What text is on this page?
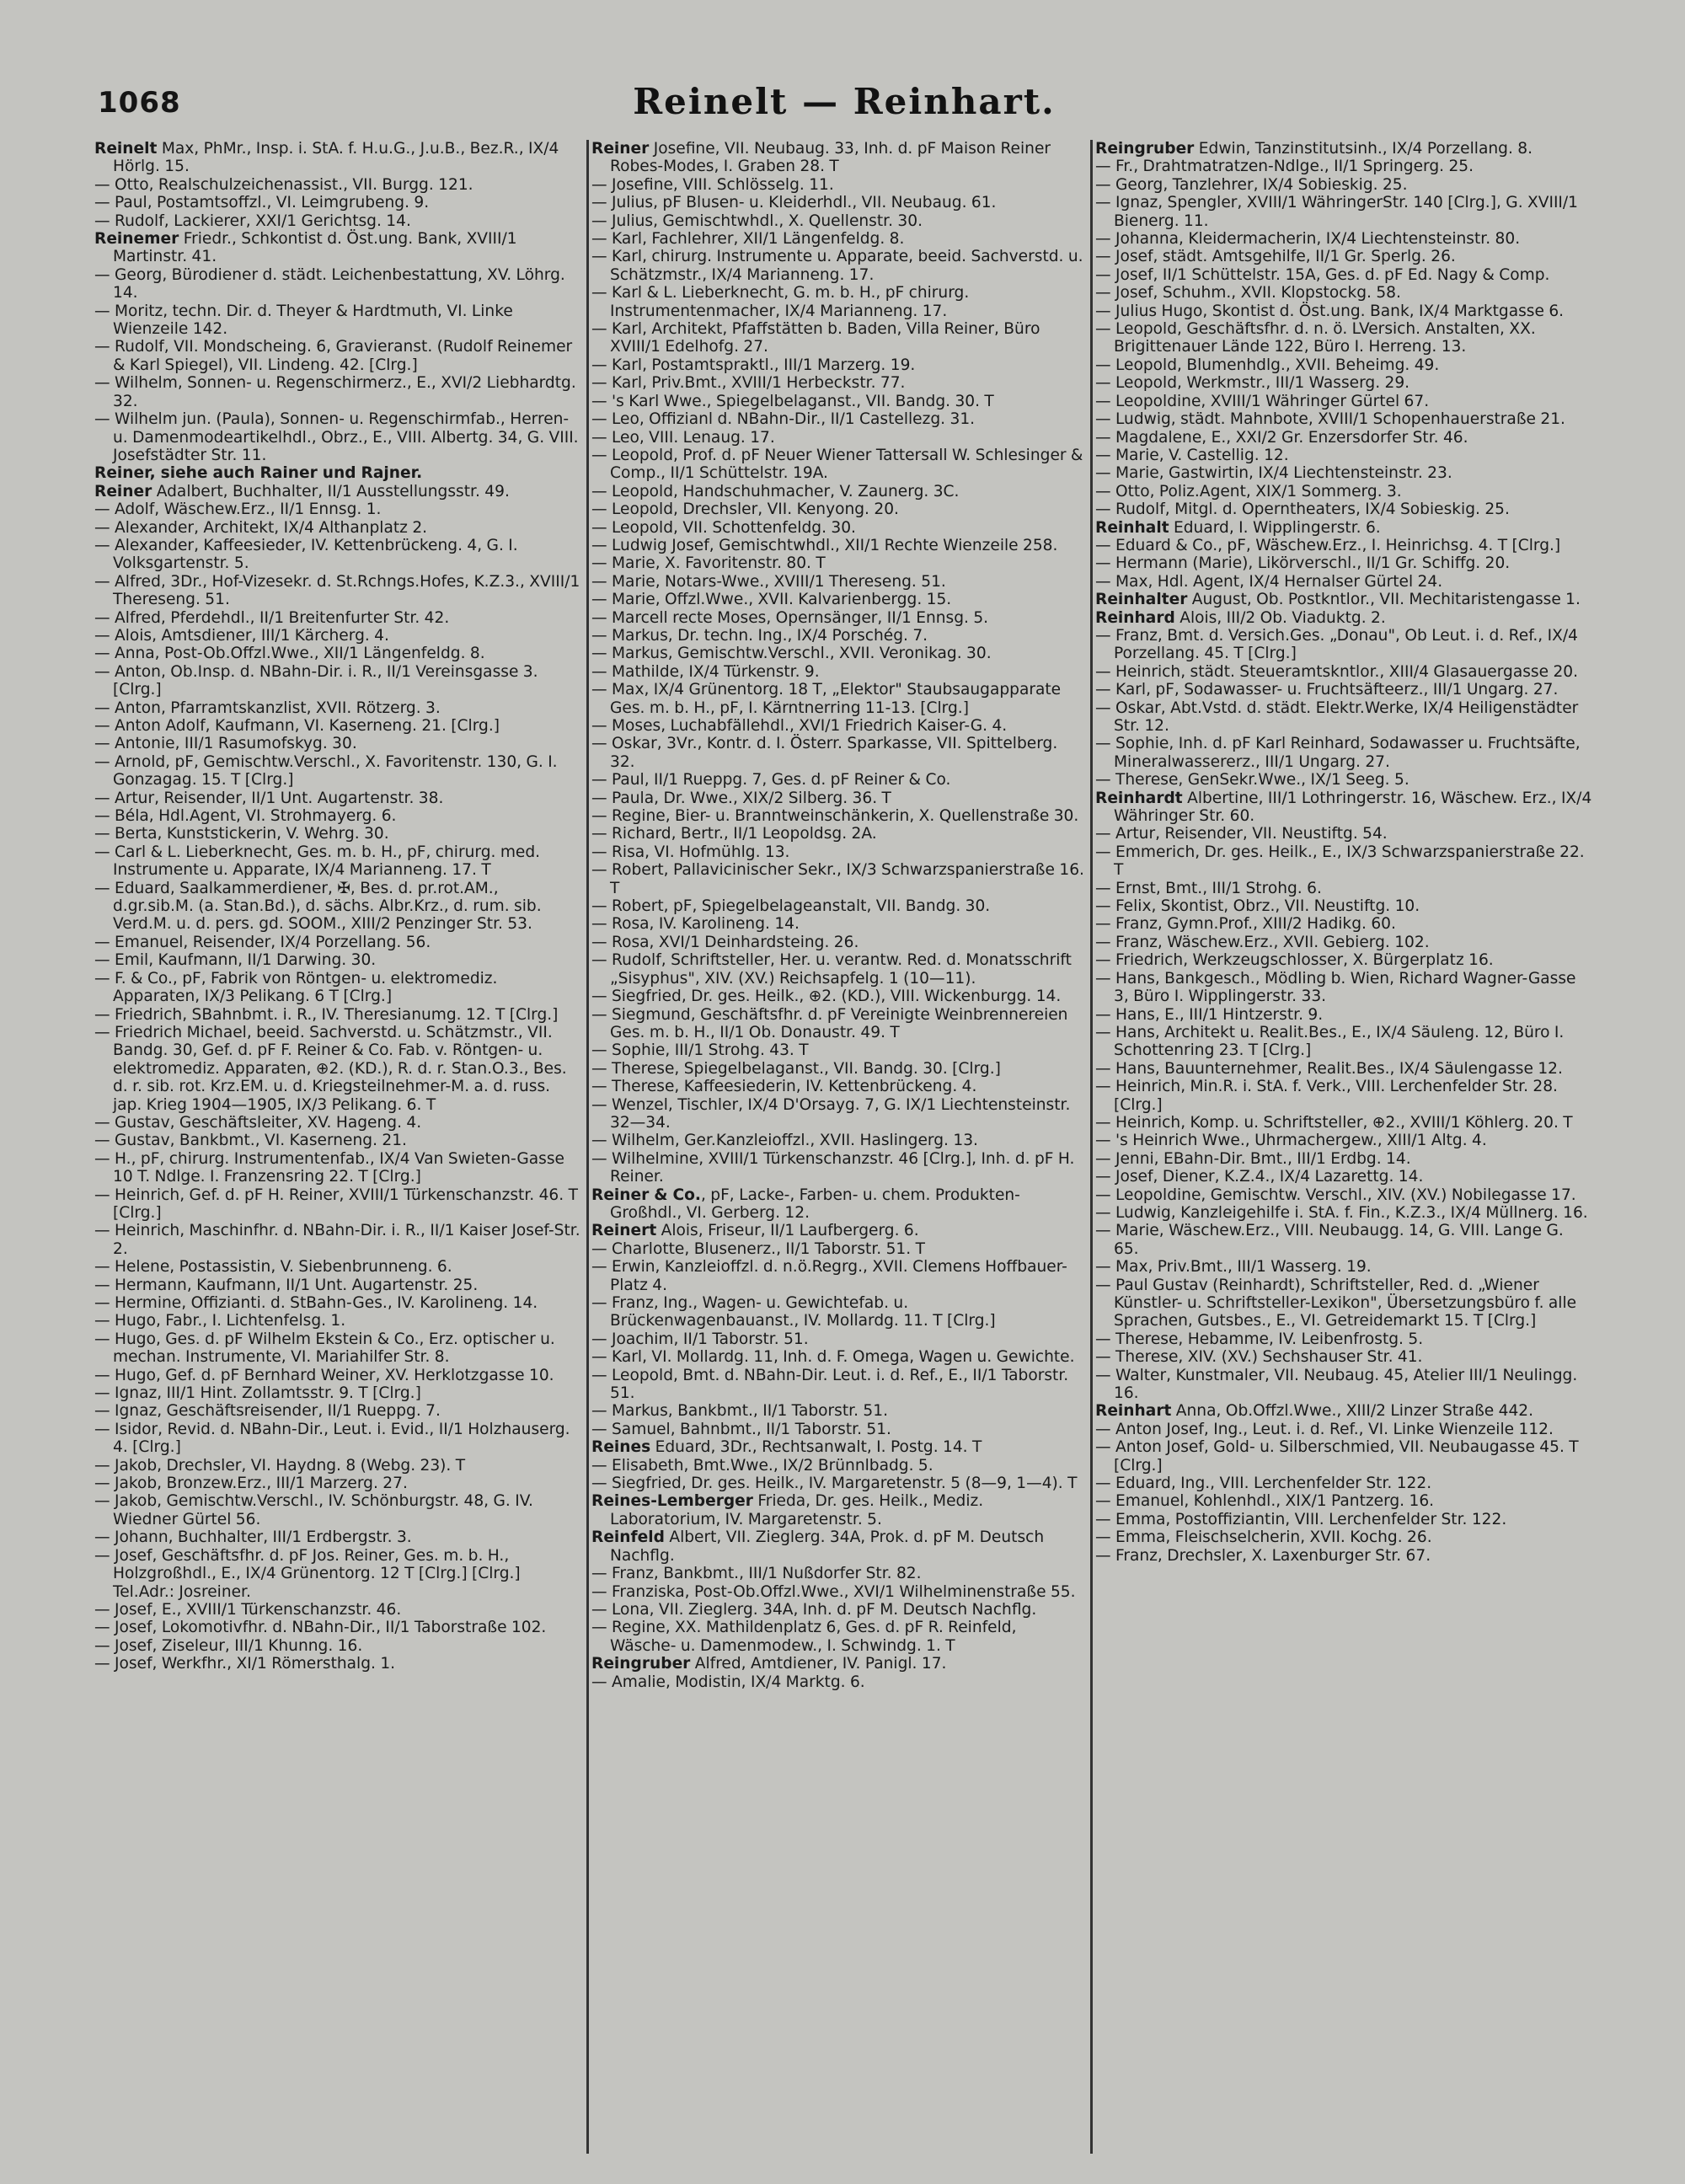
1068	Reinelt — Reinhart.

Reinelt Max, PhMr., Insp. i. StA. f. H.u.G., J.u.B., Bez.R., IX/4 Hörlg. 15.

— Otto, Realschulzeichenassist., VII. Burgg. 121.

— Paul, Postamtsoffzl., VI. Leimgrubeng. 9.

— Rudolf, Lackierer, XXI/1 Gerichtsg. 14.

Reinemer Friedr., Schkontist d. Öst.ung. Bank, XVIII/1 Martinstr. 41.

— Georg, Bürodiener d. städt. Leichenbestattung, XV. Löhrg. 14.

— Moritz, techn. Dir. d. Theyer & Hardtmuth, VI. Linke Wienzeile 142.

— Rudolf, VII. Mondscheing. 6, Gravieranst. (Rudolf Reinemer & Karl Spiegel), VII. Lindeng. 42. [Clrg.]

— Wilhelm, Sonnen- u. Regenschirmerz., E., XVI/2 Liebhardtg. 32.

— Wilhelm jun. (Paula), Sonnen- u. Regenschirmfab., Herren- u. Damenmodeartikelhdl., Obrz., E., VIII. Albertg. 34, G. VIII. Josefstädter Str. 11.

Reiner, siehe auch Rainer und Rajner.

Reiner Adalbert, Buchhalter, II/1 Ausstellungsstr. 49.

— Adolf, Wäschew.Erz., II/1 Ennsg. 1.

— Alexander, Architekt, IX/4 Althanplatz 2.

— Alexander, Kaffeesieder, IV. Kettenbrückeng. 4, G. I. Volksgartenstr. 5.

— Alfred, 3Dr., Hof-Vizesekr. d. St.Rchngs.Hofes, K.Z.3., XVIII/1 Thereseng. 51.

— Alfred, Pferdehdl., II/1 Breitenfurter Str. 42.

— Alois, Amtsdiener, III/1 Kärcherg. 4.

— Anna, Post-Ob.Offzl.Wwe., XII/1 Längenfeldg. 8.

— Anton, Ob.Insp. d. NBahn-Dir. i. R., II/1 Vereinsgasse 3. [Clrg.]

— Anton, Pfarramtskanzlist, XVII. Rötzerg. 3.

— Anton Adolf, Kaufmann, VI. Kaserneng. 21. [Clrg.]

— Antonie, III/1 Rasumofskyg. 30.

— Arnold, pF, Gemischtw.Verschl., X. Favoritenstr. 130, G. I. Gonzagag. 15. T [Clrg.]

— Artur, Reisender, II/1 Unt. Augartenstr. 38.

— Béla, Hdl.Agent, VI. Strohmayerg. 6.

— Berta, Kunststickerin, V. Wehrg. 30.

— Carl & L. Lieberknecht, Ges. m. b. H., pF, chirurg. med. Instrumente u. Apparate, IX/4 Marianneng. 17. T

— Eduard, Saalkammerdiener, ✠, Bes. d. pr.rot.AM., d.gr.sib.M. (a. Stan.Bd.), d. sächs. Albr.Krz., d. rum. sib. Verd.M. u. d. pers. gd. SOOM., XIII/2 Penzinger Str. 53.

— Emanuel, Reisender, IX/4 Porzellang. 56.

— Emil, Kaufmann, II/1 Darwing. 30.

— F. & Co., pF, Fabrik von Röntgen- u. elektromediz. Apparaten, IX/3 Pelikang. 6 T [Clrg.]

— Friedrich, SBahnbmt. i. R., IV. Theresianumg. 12. T [Clrg.]

— Friedrich Michael, beeid. Sachverstd. u. Schätzmstr., VII. Bandg. 30, Gef. d. pF F. Reiner & Co. Fab. v. Röntgen- u. elektromediz. Apparaten, ⊕2. (KD.), R. d. r. Stan.O.3., Bes. d. r. sib. rot. Krz.EM. u. d. Kriegsteilnehmer-M. a. d. russ. jap. Krieg 1904—1905, IX/3 Pelikang. 6. T

— Gustav, Geschäftsleiter, XV. Hageng. 4.

— Gustav, Bankbmt., VI. Kaserneng. 21.

— H., pF, chirurg. Instrumentenfab., IX/4 Van Swieten-Gasse 10 T. Ndlge. I. Franzensring 22. T [Clrg.]

— Heinrich, Gef. d. pF H. Reiner, XVIII/1 Türkenschanzstr. 46. T [Clrg.]

— Heinrich, Maschinfhr. d. NBahn-Dir. i. R., II/1 Kaiser Josef-Str. 2.

— Helene, Postassistin, V. Siebenbrunneng. 6.

— Hermann, Kaufmann, II/1 Unt. Augartenstr. 25.

— Hermine, Offizianti. d. StBahn-Ges., IV. Karolineng. 14.

— Hugo, Fabr., I. Lichtenfelsg. 1.

— Hugo, Ges. d. pF Wilhelm Ekstein & Co., Erz. optischer u. mechan. Instrumente, VI. Mariahilfer Str. 8.

— Hugo, Gef. d. pF Bernhard Weiner, XV. Herklotzgasse 10.

— Ignaz, III/1 Hint. Zollamtsstr. 9. T [Clrg.]

— Ignaz, Geschäftsreisender, II/1 Rueppg. 7.

— Isidor, Revid. d. NBahn-Dir., Leut. i. Evid., II/1 Holzhauserg. 4. [Clrg.]

— Jakob, Drechsler, VI. Haydng. 8 (Webg. 23). T

— Jakob, Bronzew.Erz., III/1 Marzerg. 27.

— Jakob, Gemischtw.Verschl., IV. Schönburgstr. 48, G. IV. Wiedner Gürtel 56.

— Johann, Buchhalter, III/1 Erdbergstr. 3.

— Josef, Geschäftsfhr. d. pF Jos. Reiner, Ges. m. b. H., Holzgroßhdl., E., IX/4 Grünentorg. 12 T [Clrg.] [Clrg.] Tel.Adr.: Josreiner.

— Josef, E., XVIII/1 Türkenschanzstr. 46.

— Josef, Lokomotivfhr. d. NBahn-Dir., II/1 Taborstraße 102.

— Josef, Ziseleur, III/1 Khunng. 16.

— Josef, Werkfhr., XI/1 Römersthalg. 1.

Reiner Josefine, VII. Neubaug. 33, Inh. d. pF Maison Reiner Robes-Modes, I. Graben 28. T

— Josefine, VIII. Schlösselg. 11.

— Julius, pF Blusen- u. Kleiderhdl., VII. Neubaug. 61.

— Julius, Gemischtwhdl., X. Quellenstr. 30.

— Karl, Fachlehrer, XII/1 Längenfeldg. 8.

— Karl, chirurg. Instrumente u. Apparate, beeid. Sachverstd. u. Schätzmstr., IX/4 Marianneng. 17.

— Karl & L. Lieberknecht, G. m. b. H., pF chirurg. Instrumentenmacher, IX/4 Marianneng. 17.

— Karl, Architekt, Pfaffstätten b. Baden, Villa Reiner, Büro XVIII/1 Edelhofg. 27.

— Karl, Postamtspraktl., III/1 Marzerg. 19.

— Karl, Priv.Bmt., XVIII/1 Herbeckstr. 77.

— 's Karl Wwe., Spiegelbelaganst., VII. Bandg. 30. T

— Leo, Offizianl d. NBahn-Dir., II/1 Castellezg. 31.

— Leo, VIII. Lenaug. 17.

— Leopold, Prof. d. pF Neuer Wiener Tattersall W. Schlesinger & Comp., II/1 Schüttelstr. 19A.

— Leopold, Handschuhmacher, V. Zaunerg. 3C.

— Leopold, Drechsler, VII. Kenyong. 20.

— Leopold, VII. Schottenfeldg. 30.

— Ludwig Josef, Gemischtwhdl., XII/1 Rechte Wienzeile 258.

— Marie, X. Favoritenstr. 80. T

— Marie, Notars-Wwe., XVIII/1 Thereseng. 51.

— Marie, Offzl.Wwe., XVII. Kalvarienbergg. 15.

— Marcell recte Moses, Opernsänger, II/1 Ennsg. 5.

— Markus, Dr. techn. Ing., IX/4 Porschég. 7.

— Markus, Gemischtw.Verschl., XVII. Veronikag. 30.

— Mathilde, IX/4 Türkenstr. 9.

— Max, IX/4 Grünentorg. 18 T, „Elektor" Staubsaugapparate Ges. m. b. H., pF, I. Kärntnerring 11-13. [Clrg.]

— Moses, Luchabfällehdl., XVI/1 Friedrich Kaiser-G. 4.

— Oskar, 3Vr., Kontr. d. I. Österr. Sparkasse, VII. Spittelberg. 32.

— Paul, II/1 Rueppg. 7, Ges. d. pF Reiner & Co.

— Paula, Dr. Wwe., XIX/2 Silberg. 36. T

— Regine, Bier- u. Branntweinschänkerin, X. Quellenstraße 30.

— Richard, Bertr., II/1 Leopoldsg. 2A.

— Risa, VI. Hofmühlg. 13.

— Robert, Pallavicinischer Sekr., IX/3 Schwarzspanierstraße 16. T

— Robert, pF, Spiegelbelageanstalt, VII. Bandg. 30.

— Rosa, IV. Karolineng. 14.

— Rosa, XVI/1 Deinhardsteing. 26.

— Rudolf, Schriftsteller, Her. u. verantw. Red. d. Monatsschrift „Sisyphus", XIV. (XV.) Reichsapfelg. 1 (10—11).

— Siegfried, Dr. ges. Heilk., ⊕2. (KD.), VIII. Wickenburgg. 14.

— Siegmund, Geschäftsfhr. d. pF Vereinigte Weinbrennereien Ges. m. b. H., II/1 Ob. Donaustr. 49. T

— Sophie, III/1 Strohg. 43. T

— Therese, Spiegelbelaganst., VII. Bandg. 30. [Clrg.]

— Therese, Kaffeesiederin, IV. Kettenbrückeng. 4.

— Wenzel, Tischler, IX/4 D'Orsayg. 7, G. IX/1 Liechtensteinstr. 32—34.

— Wilhelm, Ger.Kanzleioffzl., XVII. Haslingerg. 13.

— Wilhelmine, XVIII/1 Türkenschanzstr. 46 [Clrg.], Inh. d. pF H. Reiner.

Reiner & Co., pF, Lacke-, Farben- u. chem. Produkten-Großhdl., VI. Gerberg. 12.

Reinert Alois, Friseur, II/1 Laufbergerg. 6.

— Charlotte, Blusenerz., II/1 Taborstr. 51. T

— Erwin, Kanzleioffzl. d. n.ö.Regrg., XVII. Clemens Hoffbauer-Platz 4.

— Franz, Ing., Wagen- u. Gewichtefab. u. Brückenwagenbauanst., IV. Mollardg. 11. T [Clrg.]

— Joachim, II/1 Taborstr. 51.

— Karl, VI. Mollardg. 11, Inh. d. F. Omega, Wagen u. Gewichte.

— Leopold, Bmt. d. NBahn-Dir. Leut. i. d. Ref., E., II/1 Taborstr. 51.

— Markus, Bankbmt., II/1 Taborstr. 51.

— Samuel, Bahnbmt., II/1 Taborstr. 51.

Reines Eduard, 3Dr., Rechtsanwalt, I. Postg. 14. T

— Elisabeth, Bmt.Wwe., IX/2 Brünnlbadg. 5.

— Siegfried, Dr. ges. Heilk., IV. Margaretenstr. 5 (8—9, 1—4). T

Reines-Lemberger Frieda, Dr. ges. Heilk., Mediz. Laboratorium, IV. Margaretenstr. 5.

Reinfeld Albert, VII. Zieglerg. 34A, Prok. d. pF M. Deutsch Nachflg.

— Franz, Bankbmt., III/1 Nußdorfer Str. 82.

— Franziska, Post-Ob.Offzl.Wwe., XVI/1 Wilhelminenstraße 55.

— Lona, VII. Zieglerg. 34A, Inh. d. pF M. Deutsch Nachflg.

— Regine, XX. Mathildenplatz 6, Ges. d. pF R. Reinfeld, Wäsche- u. Damenmodew., I. Schwindg. 1. T

Reingruber Alfred, Amtdiener, IV. Panigl. 17.

— Amalie, Modistin, IX/4 Marktg. 6.

Reingruber Edwin, Tanzinstitutsinh., IX/4 Porzellang. 8.

— Fr., Drahtmatratzen-Ndlge., II/1 Springerg. 25.

— Georg, Tanzlehrer, IX/4 Sobieskig. 25.

— Ignaz, Spengler, XVIII/1 WähringerStr. 140 [Clrg.], G. XVIII/1 Bienerg. 11.

— Johanna, Kleidermacherin, IX/4 Liechtensteinstr. 80.

— Josef, städt. Amtsgehilfe, II/1 Gr. Sperlg. 26.

— Josef, II/1 Schüttelstr. 15A, Ges. d. pF Ed. Nagy & Comp.

— Josef, Schuhm., XVII. Klopstockg. 58.

— Julius Hugo, Skontist d. Öst.ung. Bank, IX/4 Marktgasse 6.

— Leopold, Geschäftsfhr. d. n. ö. LVersich. Anstalten, XX. Brigittenauer Lände 122, Büro I. Herreng. 13.

— Leopold, Blumenhdlg., XVII. Beheimg. 49.

— Leopold, Werkmstr., III/1 Wasserg. 29.

— Leopoldine, XVIII/1 Währinger Gürtel 67.

— Ludwig, städt. Mahnbote, XVIII/1 Schopenhauerstraße 21.

— Magdalene, E., XXI/2 Gr. Enzersdorfer Str. 46.

— Marie, V. Castellig. 12.

— Marie, Gastwirtin, IX/4 Liechtensteinstr. 23.

— Otto, Poliz.Agent, XIX/1 Sommerg. 3.

— Rudolf, Mitgl. d. Operntheaters, IX/4 Sobieskig. 25.

Reinhalt Eduard, I. Wipplingerstr. 6.

— Eduard & Co., pF, Wäschew.Erz., I. Heinrichsg. 4. T [Clrg.]

— Hermann (Marie), Likörverschl., II/1 Gr. Schiffg. 20.

— Max, Hdl. Agent, IX/4 Hernalser Gürtel 24.

Reinhalter August, Ob. Postkntlor., VII. Mechitaristengasse 1.

Reinhard Alois, III/2 Ob. Viaduktg. 2.

— Franz, Bmt. d. Versich.Ges. „Donau", Ob Leut. i. d. Ref., IX/4 Porzellang. 45. T [Clrg.]

— Heinrich, städt. Steueramtskntlor., XIII/4 Glasauergasse 20.

— Karl, pF, Sodawasser- u. Fruchtsäfteerz., III/1 Ungarg. 27.

— Oskar, Abt.Vstd. d. städt. Elektr.Werke, IX/4 Heiligenstädter Str. 12.

— Sophie, Inh. d. pF Karl Reinhard, Sodawasser u. Fruchtsäfte, Mineralwassererz., III/1 Ungarg. 27.

— Therese, GenSekr.Wwe., IX/1 Seeg. 5.

Reinhardt Albertine, III/1 Lothringerstr. 16, Wäschew. Erz., IX/4 Währinger Str. 60.

— Artur, Reisender, VII. Neustiftg. 54.

— Emmerich, Dr. ges. Heilk., E., IX/3 Schwarzspanierstraße 22. T

— Ernst, Bmt., III/1 Strohg. 6.

— Felix, Skontist, Obrz., VII. Neustiftg. 10.

— Franz, Gymn.Prof., XIII/2 Hadikg. 60.

— Franz, Wäschew.Erz., XVII. Gebierg. 102.

— Friedrich, Werkzeugschlosser, X. Bürgerplatz 16.

— Hans, Bankgesch., Mödling b. Wien, Richard Wagner-Gasse 3, Büro I. Wipplingerstr. 33.

— Hans, E., III/1 Hintzerstr. 9.

— Hans, Architekt u. Realit.Bes., E., IX/4 Säuleng. 12, Büro I. Schottenring 23. T [Clrg.]

— Hans, Bauunternehmer, Realit.Bes., IX/4 Säulengasse 12.

— Heinrich, Min.R. i. StA. f. Verk., VIII. Lerchenfelder Str. 28. [Clrg.]

— Heinrich, Komp. u. Schriftsteller, ⊕2., XVIII/1 Köhlerg. 20. T

— 's Heinrich Wwe., Uhrmachergew., XIII/1 Altg. 4.

— Jenni, EBahn-Dir. Bmt., III/1 Erdbg. 14.

— Josef, Diener, K.Z.4., IX/4 Lazarettg. 14.

— Leopoldine, Gemischtw. Verschl., XIV. (XV.) Nobilegasse 17.

— Ludwig, Kanzleigehilfe i. StA. f. Fin., K.Z.3., IX/4 Müllnerg. 16.

— Marie, Wäschew.Erz., VIII. Neubaugg. 14, G. VIII. Lange G. 65.

— Max, Priv.Bmt., III/1 Wasserg. 19.

— Paul Gustav (Reinhardt), Schriftsteller, Red. d. „Wiener Künstler- u. Schriftsteller-Lexikon", Übersetzungsbüro f. alle Sprachen, Gutsbes., E., VI. Getreidemarkt 15. T [Clrg.]

— Therese, Hebamme, IV. Leibenfrostg. 5.

— Therese, XIV. (XV.) Sechshauser Str. 41.

— Walter, Kunstmaler, VII. Neubaug. 45, Atelier III/1 Neulingg. 16.

Reinhart Anna, Ob.Offzl.Wwe., XIII/2 Linzer Straße 442.

— Anton Josef, Ing., Leut. i. d. Ref., VI. Linke Wienzeile 112.

— Anton Josef, Gold- u. Silberschmied, VII. Neubaugasse 45. T [Clrg.]

— Eduard, Ing., VIII. Lerchenfelder Str. 122.

— Emanuel, Kohlenhdl., XIX/1 Pantzerg. 16.

— Emma, Postoffiziantin, VIII. Lerchenfelder Str. 122.

— Emma, Fleischselcherin, XVII. Kochg. 26.

— Franz, Drechsler, X. Laxenburger Str. 67.
